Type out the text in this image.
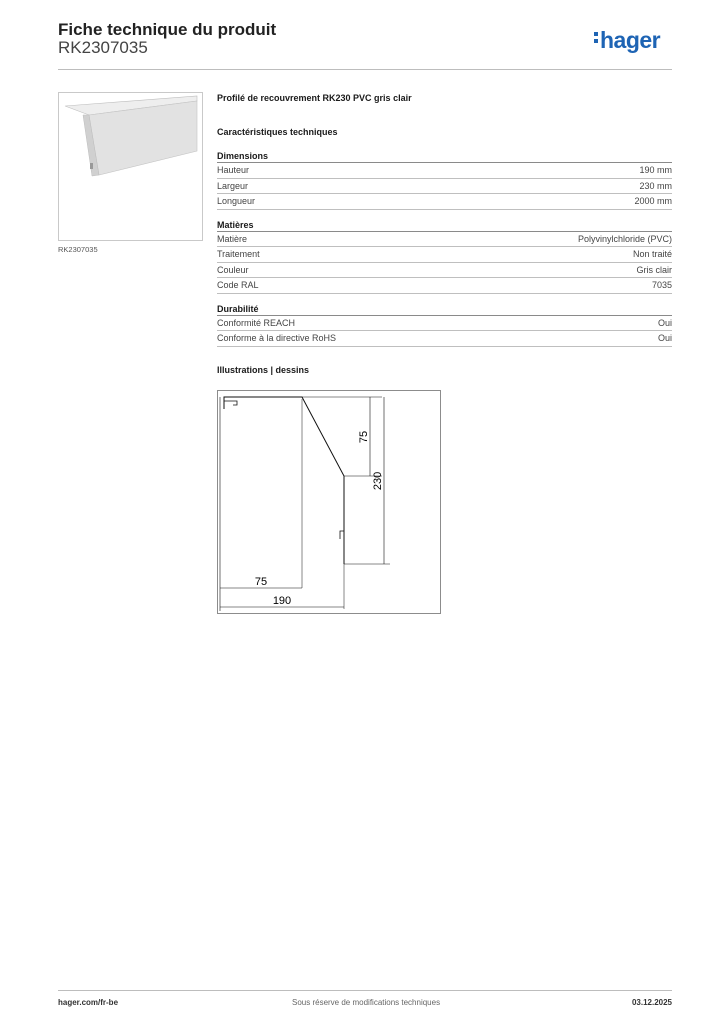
Fiche technique du produit
RK2307035	hager
RK2307035
Profilé de recouvrement RK230 PVC gris clair
Caractéristiques techniques
Dimensions
Hauteur	190 mm
Largeur	230 mm
Longueur	2000 mm
Matières
Matière	Polyvinylchloride (PVC)
Traitement	Non traité
Couleur	Gris clair
Code RAL	7035
Durabilité
Conformité REACH	Oui
Conforme à la directive RoHS	Oui
Illustrations | dessins
75
230
75
190
hager.com/fr-be	Sous réserve de modifications techniques	03.12.2025
